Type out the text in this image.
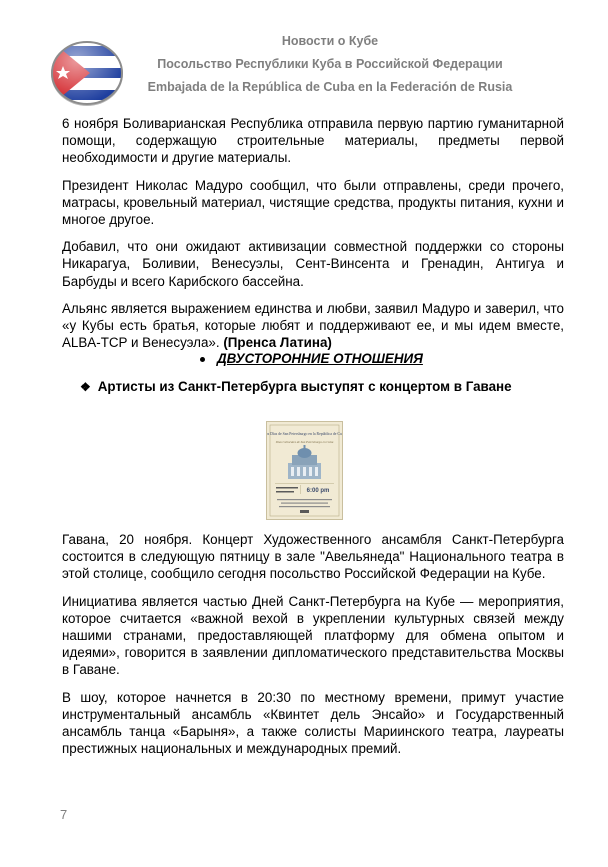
Новости о Кубе
Посольство Республики Куба в Российской Федерации
Embajada de la República de Cuba en la Federación de Rusia

6 ноября Боливарианская Республика отправила первую партию гуманитарной помощи, содержащую строительные материалы, предметы первой необходимости и другие материалы.

Президент Николас Мадуро сообщил, что были отправлены, среди прочего, матрасы, кровельный материал, чистящие средства, продукты питания, кухни и многое другое.

Добавил, что они ожидают активизации совместной поддержки со стороны Никарагуа, Боливии, Венесуэлы, Сент-Винсента и Гренадин, Антигуа и Барбуды и всего Карибского бассейна.

Альянс является выражением единства и любви, заявил Мадуро и заверил, что «у Кубы есть братья, которые любят и поддерживают ее, и мы идем вместе, ALBA-TCP и Венесуэла». (Пренса Латина)

ДВУСТОРОННИЕ ОТНОШЕНИЯ
❖ Артисты из Санкт-Петербурга выступят с концертом в Гаване
Los Días de San Petersburgo en la República de Cuba
Días Culturales de San Petersburgo en Cuba
6:00 pm

Гавана, 20 ноября. Концерт Художественного ансамбля Санкт-Петербурга состоится в следующую пятницу в зале "Авельянеда" Национального театра в этой столице, сообщило сегодня посольство Российской Федерации на Кубе.

Инициатива является частью Дней Санкт-Петербурга на Кубе — мероприятия, которое считается «важной вехой в укреплении культурных связей между нашими странами, предоставляющей платформу для обмена опытом и идеями», говорится в заявлении дипломатического представительства Москвы в Гаване.

В шоу, которое начнется в 20:30 по местному времени, примут участие инструментальный ансамбль «Квинтет дель Энсайо» и Государственный ансамбль танца «Барыня», а также солисты Мариинского театра, лауреаты престижных национальных и международных премий.

7
